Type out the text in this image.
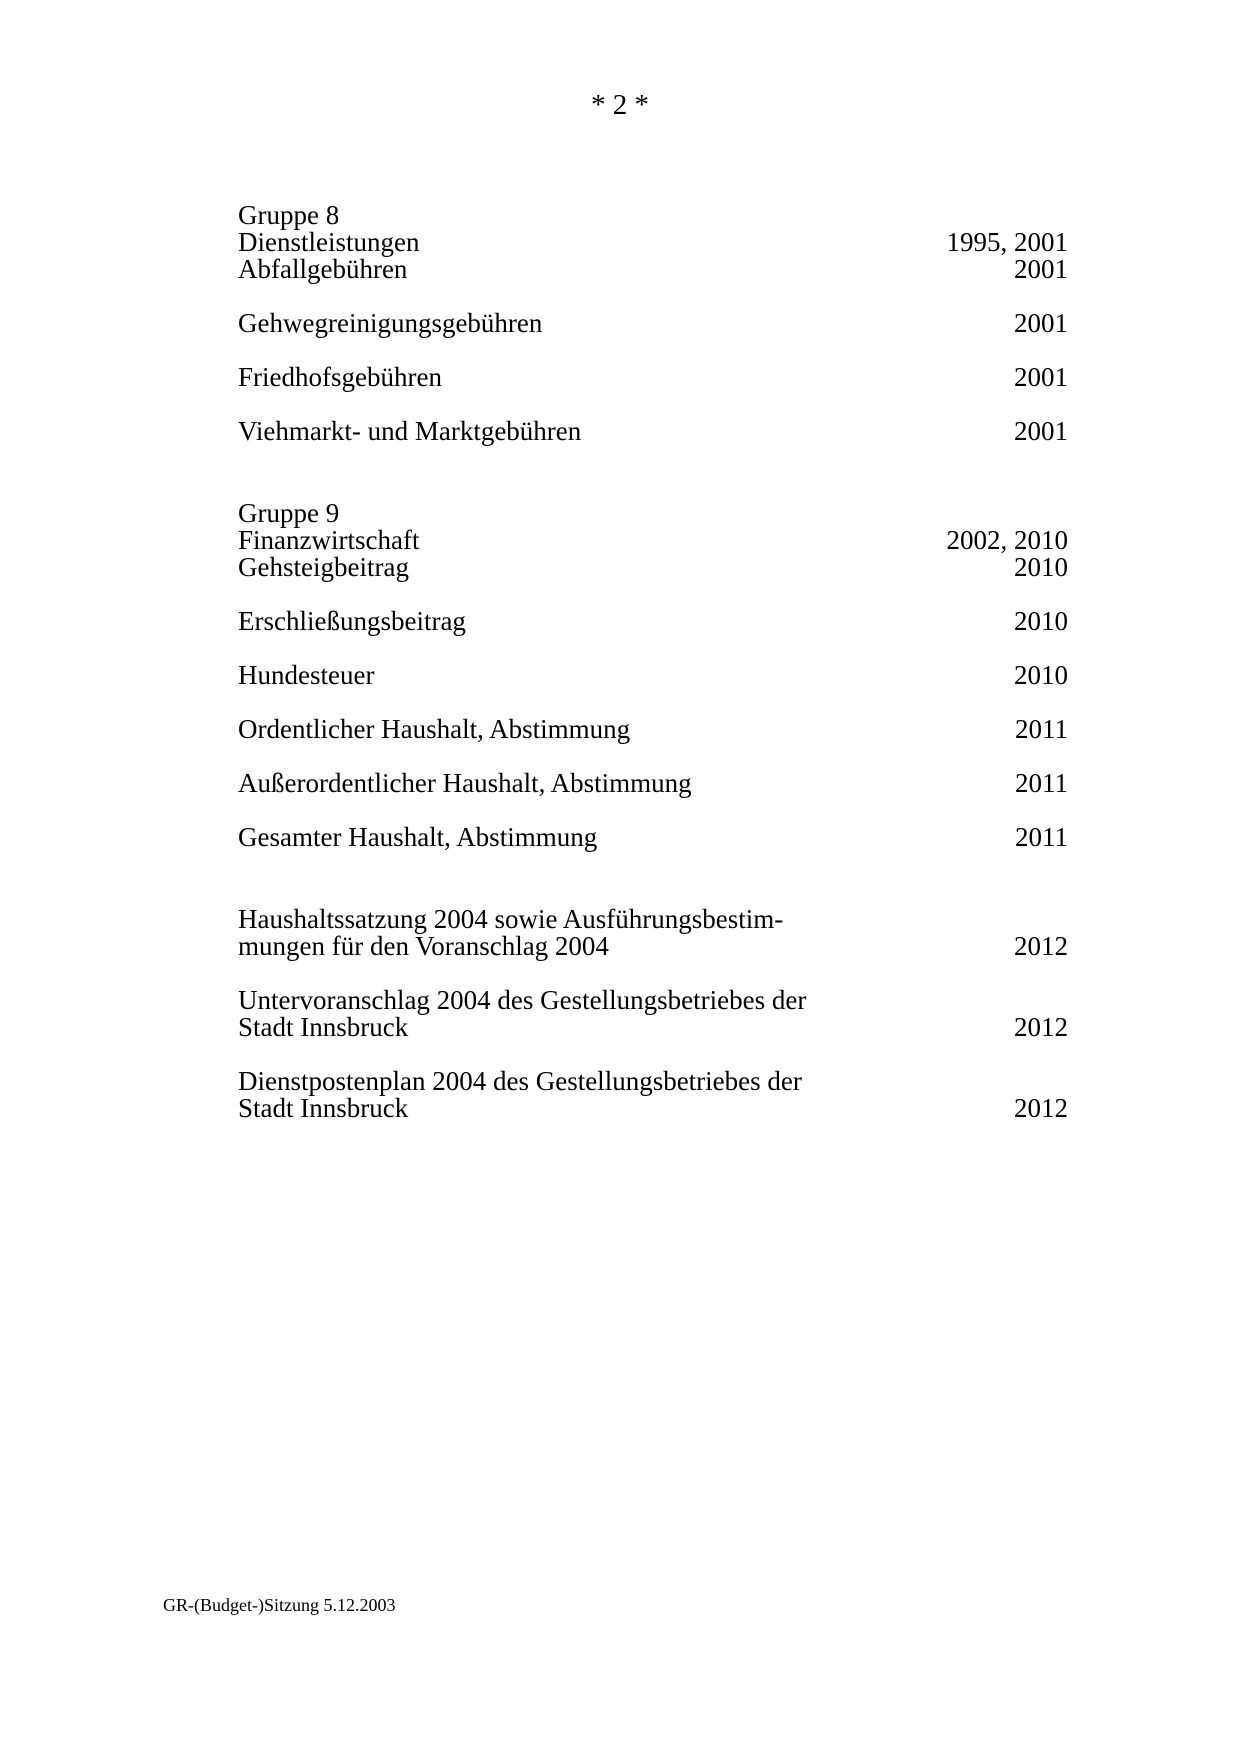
* 2 *
Gruppe 8
Dienstleistungen	1995, 2001
Abfallgebühren	2001
Gehwegreinigungsgebühren	2001
Friedhofsgebühren	2001
Viehmarkt- und Marktgebühren	2001
Gruppe 9
Finanzwirtschaft	2002, 2010
Gehsteigbeitrag	2010
Erschließungsbeitrag	2010
Hundesteuer	2010
Ordentlicher Haushalt, Abstimmung	2011
Außerordentlicher Haushalt, Abstimmung	2011
Gesamter Haushalt, Abstimmung	2011
Haushaltssatzung 2004 sowie Ausführungsbestim-
mungen für den Voranschlag 2004	2012
Untervoranschlag 2004 des Gestellungsbetriebes der
Stadt Innsbruck	2012
Dienstpostenplan 2004 des Gestellungsbetriebes der
Stadt Innsbruck	2012
GR-(Budget-)Sitzung 5.12.2003
